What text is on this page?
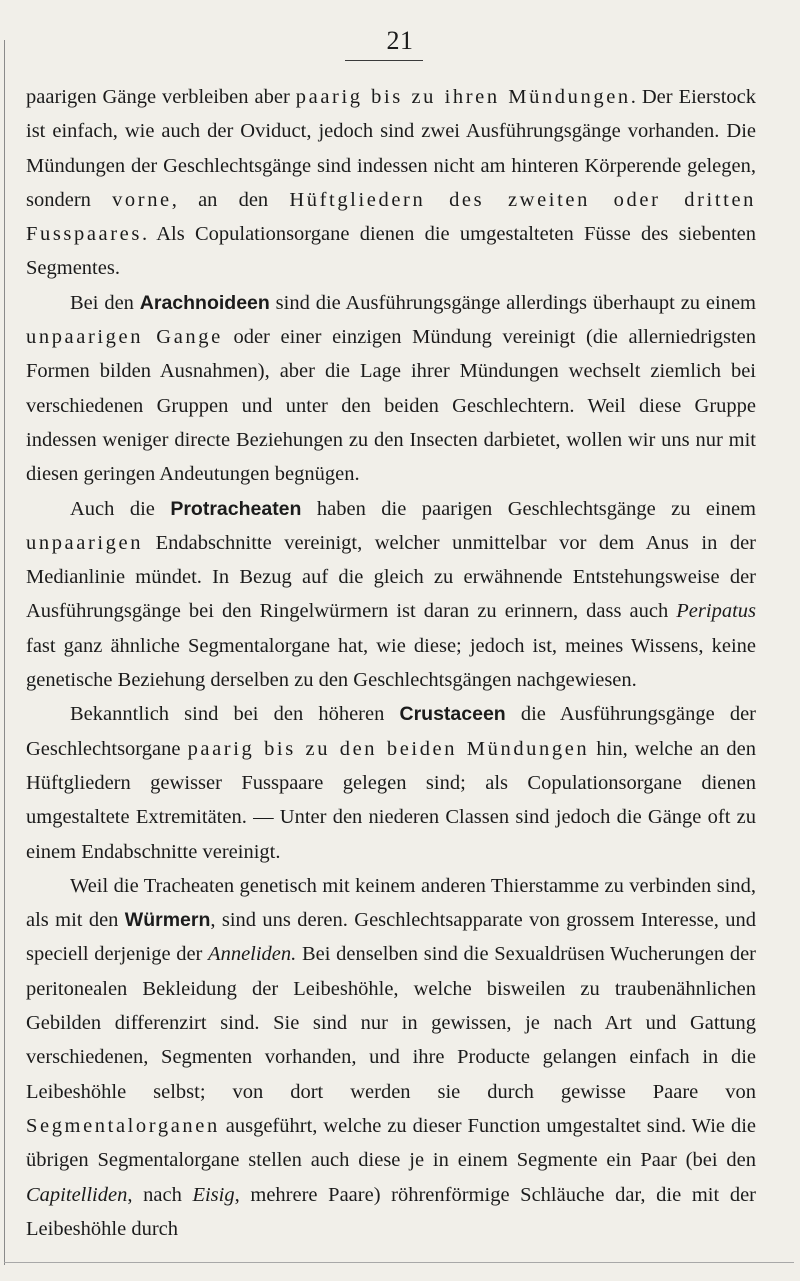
21

paarigen Gänge verbleiben aber paarig bis zu ihren Mündungen. Der Eierstock ist einfach, wie auch der Oviduct, jedoch sind zwei Ausführungsgänge vorhanden. Die Mündungen der Geschlechtsgänge sind indessen nicht am hinteren Körperende gelegen, sondern vorne, an den Hüftgliedern des zweiten oder dritten Fusspaares. Als Copulationsorgane dienen die umgestalteten Füsse des siebenten Segmentes.

Bei den Arachnoideen sind die Ausführungsgänge allerdings überhaupt zu einem unpaarigen Gange oder einer einzigen Mündung vereinigt (die allerniedrigsten Formen bilden Ausnahmen), aber die Lage ihrer Mündungen wechselt ziemlich bei verschiedenen Gruppen und unter den beiden Geschlechtern. Weil diese Gruppe indessen weniger directe Beziehungen zu den Insecten darbietet, wollen wir uns nur mit diesen geringen Andeutungen begnügen.

Auch die Protracheaten haben die paarigen Geschlechtsgänge zu einem unpaarigen Endabschnitte vereinigt, welcher unmittelbar vor dem Anus in der Medianlinie mündet. In Bezug auf die gleich zu erwähnende Entstehungsweise der Ausführungsgänge bei den Ringelwürmern ist daran zu erinnern, dass auch Peripatus fast ganz ähnliche Segmentalorgane hat, wie diese; jedoch ist, meines Wissens, keine genetische Beziehung derselben zu den Geschlechtsgängen nachgewiesen.

Bekanntlich sind bei den höheren Crustaceen die Ausführungsgänge der Geschlechtsorgane paarig bis zu den beiden Mündungen hin, welche an den Hüftgliedern gewisser Fusspaare gelegen sind; als Copulationsorgane dienen umgestaltete Extremitäten. — Unter den niederen Classen sind jedoch die Gänge oft zu einem Endabschnitte vereinigt.

Weil die Tracheaten genetisch mit keinem anderen Thierstamme zu verbinden sind, als mit den Würmern, sind uns deren. Geschlechtsapparate von grossem Interesse, und speciell derjenige der Anneliden. Bei denselben sind die Sexualdrüsen Wucherungen der peritonealen Bekleidung der Leibeshöhle, welche bisweilen zu traubenähnlichen Gebilden differenzirt sind. Sie sind nur in gewissen, je nach Art und Gattung verschiedenen, Segmenten vorhanden, und ihre Producte gelangen einfach in die Leibeshöhle selbst; von dort werden sie durch gewisse Paare von Segmentalorganen ausgeführt, welche zu dieser Function umgestaltet sind. Wie die übrigen Segmentalorgane stellen auch diese je in einem Segmente ein Paar (bei den Capitelliden, nach Eisig, mehrere Paare) röhrenförmige Schläuche dar, die mit der Leibeshöhle durch
